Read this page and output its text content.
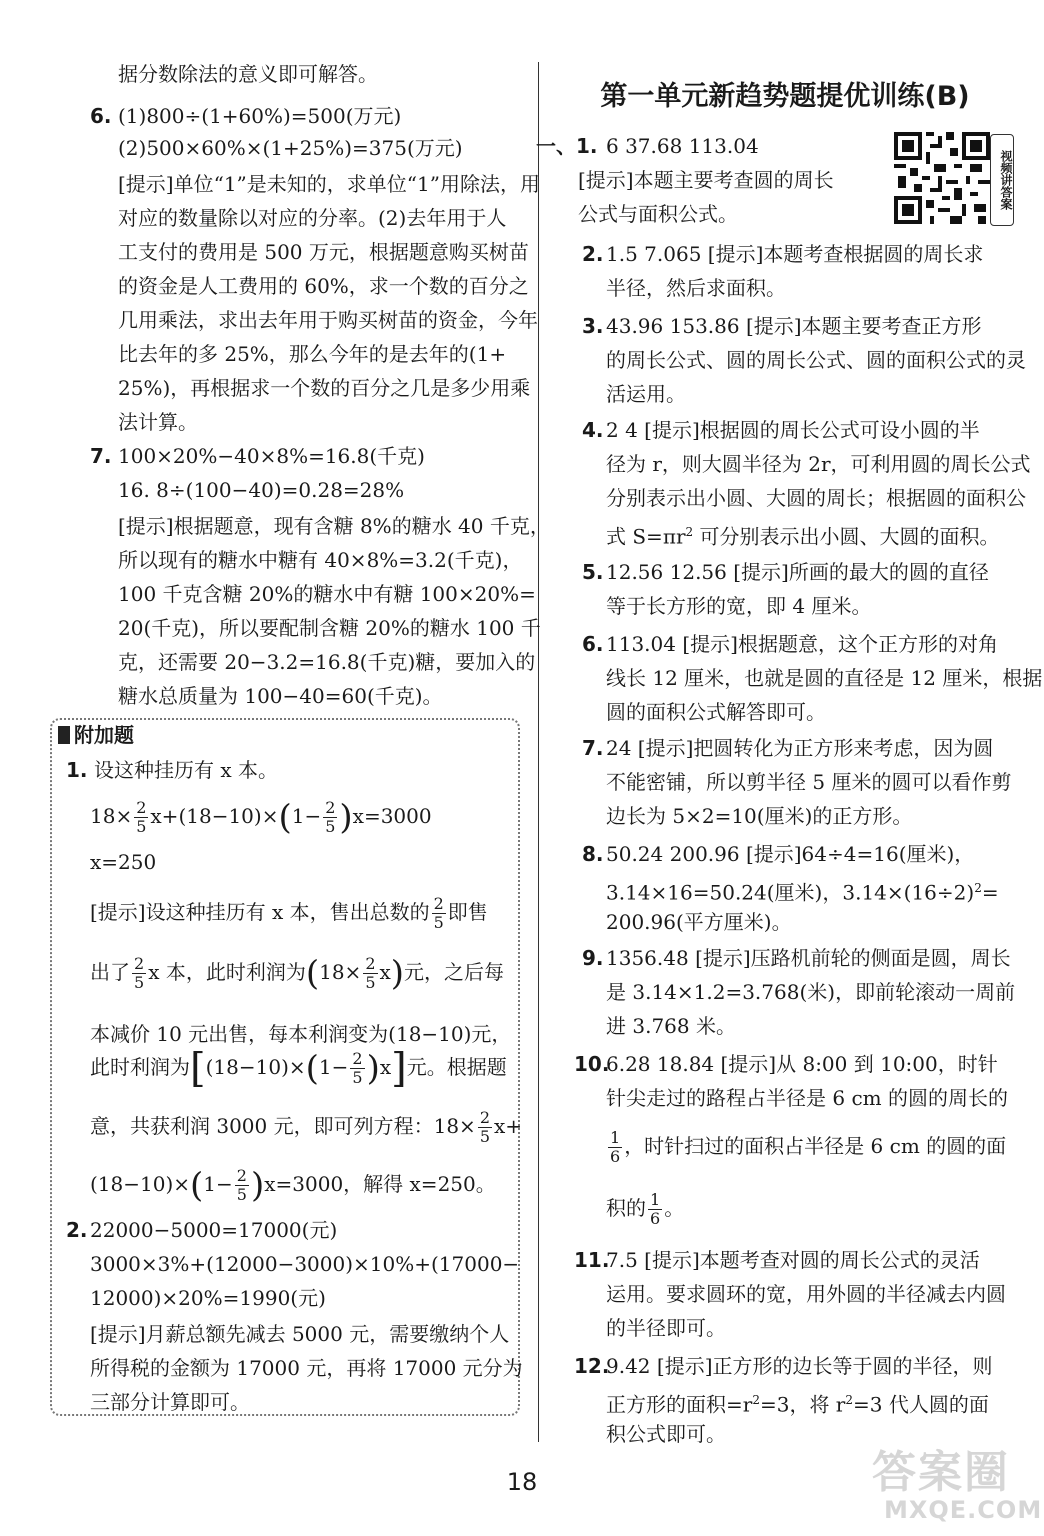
据分数除法的意义即可解答。
6. (1)800÷(1+60%)=500(万元)
(2)500×60%×(1+25%)=375(万元)
[提示]单位“1”是未知的，求单位“1”用除法，用
对应的数量除以对应的分率。(2)去年用于人
工支付的费用是 500 万元，根据题意购买树苗
的资金是人工费用的 60%，求一个数的百分之
几用乘法，求出去年用于购买树苗的资金，今年
比去年的多 25%，那么今年的是去年的(1+
25%)，再根据求一个数的百分之几是多少用乘
法计算。
7. 100×20%−40×8%=16.8(千克)
16. 8÷(100−40)=0.28=28%
[提示]根据题意，现有含糖 8%的糖水 40 千克，
所以现有的糖水中糖有 40×8%=3.2(千克)，
100 千克含糖 20%的糖水中有糖 100×20%=
20(千克)，所以要配制含糖 20%的糖水 100 千
克，还需要 20−3.2=16.8(千克)糖，要加入的
糖水总质量为 100−40=60(千克)。
附加题
1. 设这种挂历有 x 本。
$18\times \frac{2}{5} x+(18-10)\times(1- \frac{2}{5} )x=3000$
x=250
[提示]设这种挂历有 x 本，售出总数的 $\frac{2}{5}$ 即售
出了 $\frac{2}{5}$ x 本，此时利润为$(18\times \frac{2}{5} x)$元，之后每
本减价 10 元出售，每本利润变为(18−10)元，
此时利润为$[(18-10)\times(1- \frac{2}{5} )x]$元。根据题
意，共获利润 3000 元，即可列方程：$18\times \frac{2}{5} x+$
$(18-10)\times(1- \frac{2}{5} )x=3000$，解得 x=250。
2. 22000−5000=17000(元)
3000×3%+(12000−3000)×10%+(17000−
12000)×20%=1990(元)
[提示]月薪总额先减去 5000 元，需要缴纳个人
所得税的金额为 17000 元，再将 17000 元分为
三部分计算即可。
第一单元新趋势题提优训练(B)
视频讲答案
一、1. 6 37.68 113.04
[提示]本题主要考查圆的周长
公式与面积公式。
2. 1.5 7.065 [提示]本题考查根据圆的周长求
半径，然后求面积。
3. 43.96 153.86 [提示]本题主要考查正方形
的周长公式、圆的周长公式、圆的面积公式的灵
活运用。
4. 2 4 [提示]根据圆的周长公式可设小圆的半
径为 r，则大圆半径为 2r，可利用圆的周长公式
分别表示出小圆、大圆的周长；根据圆的面积公
式 $S=\pi r^2$ 可分别表示出小圆、大圆的面积。
5. 12.56 12.56 [提示]所画的最大的圆的直径
等于长方形的宽，即 4 厘米。
6. 113.04 [提示]根据题意，这个正方形的对角
线长 12 厘米，也就是圆的直径是 12 厘米，根据
圆的面积公式解答即可。
7. 24 [提示]把圆转化为正方形来考虑，因为圆
不能密铺，所以剪半径 5 厘米的圆可以看作剪
边长为 5×2=10(厘米)的正方形。
8. 50.24 200.96 [提示]64÷4=16(厘米)，
3.14×16=50.24(厘米)，$3.14\times(16\div 2)^2=$
200.96(平方厘米)。
9. 1356.48 [提示]压路机前轮的侧面是圆，周长
是 3.14×1.2=3.768(米)，即前轮滚动一周前
进 3.768 米。
10.
6.28 18.84 [提示]从 8:00 到 10:00，时针
针尖走过的路程占半径是 6 cm 的圆的周长的
$\frac{1}{6}$ ，时针扫过的面积占半径是 6 cm 的圆的面
积的 $\frac{1}{6}$ 。
11.
7.5 [提示]本题考查对圆的周长公式的灵活
运用。要求圆环的宽，用外圆的半径减去内圆
的半径即可。
12.
9.42 [提示]正方形的边长等于圆的半径，则
正方形的面积$=r^2=3$，将 $r^2=3$ 代人圆的面
积公式即可。
18	答案圈
MXQE.COM
